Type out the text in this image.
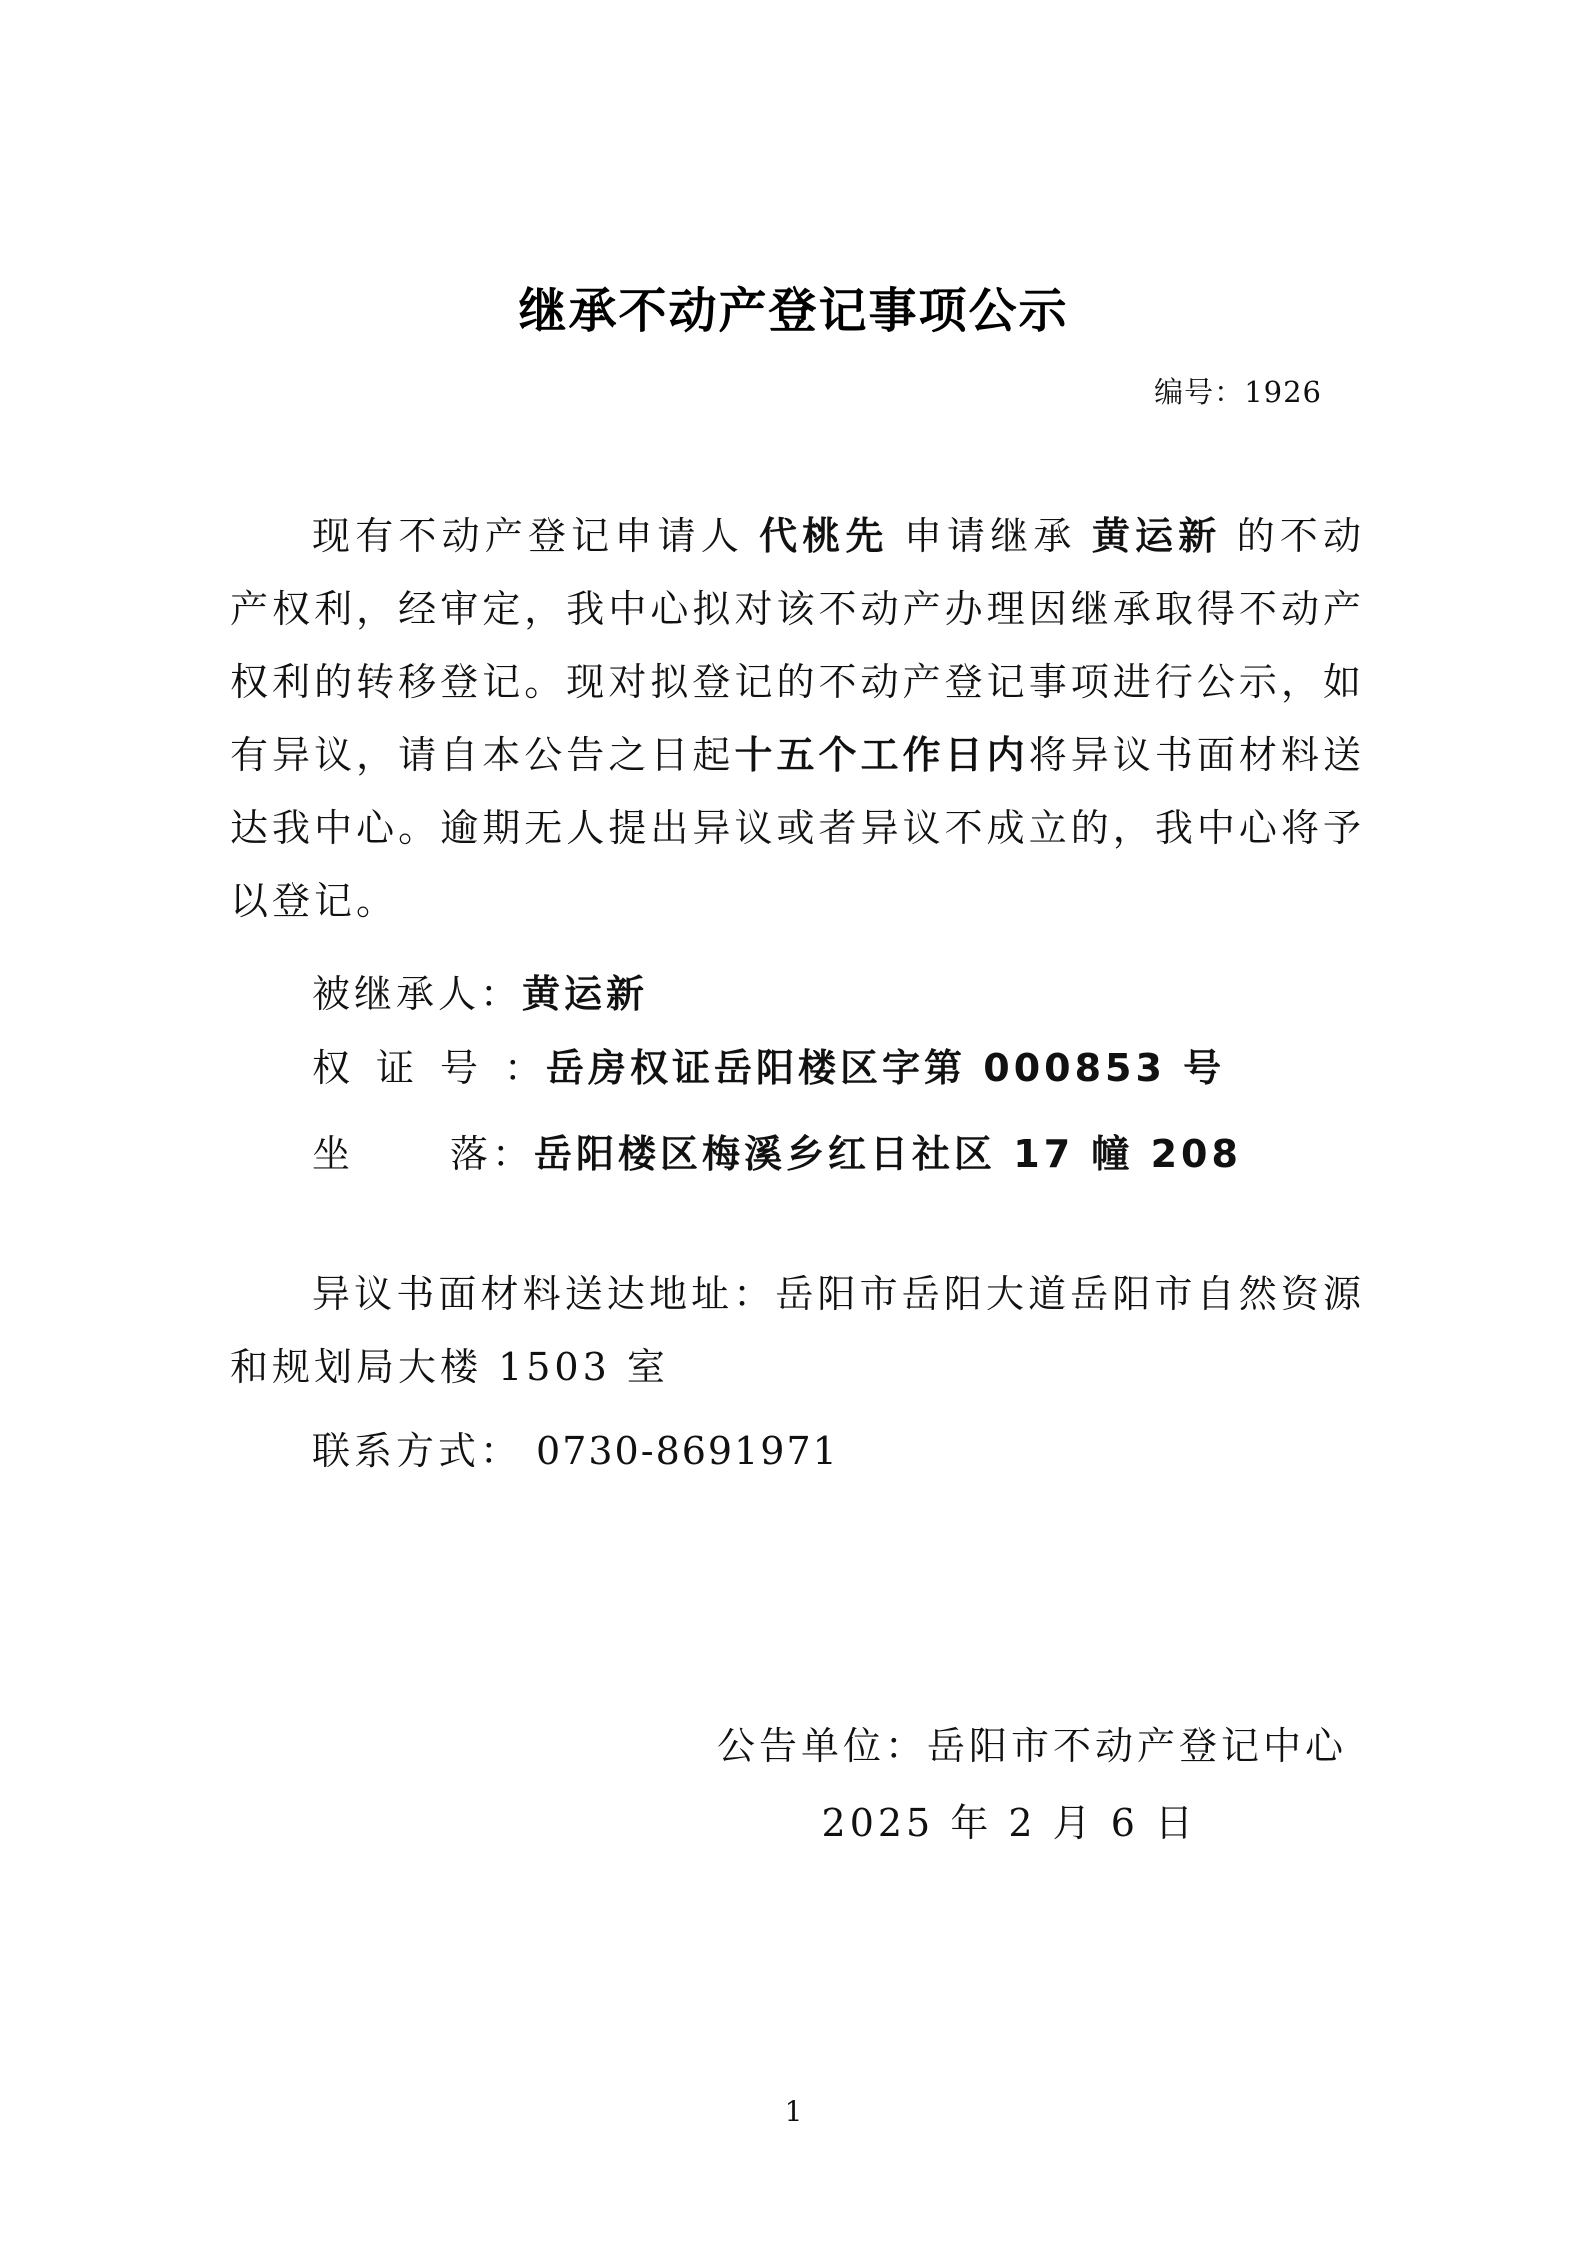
继承不动产登记事项公示
编号：1926
现有不动产登记申请人 代桃先 申请继承 黄运新 的不动产权利，经审定，我中心拟对该不动产办理因继承取得不动产权利的转移登记。现对拟登记的不动产登记事项进行公示，如有异议，请自本公告之日起十五个工作日内将异议书面材料送达我中心。逾期无人提出异议或者异议不成立的，我中心将予以登记。
被继承人：黄运新
权证号：岳房权证岳阳楼区字第 000853 号
坐	落：岳阳楼区梅溪乡红日社区 17 幢 208
异议书面材料送达地址：岳阳市岳阳大道岳阳市自然资源和规划局大楼 1503 室
联系方式： 0730-8691971
公告单位：岳阳市不动产登记中心
2025 年 2 月 6 日
1
